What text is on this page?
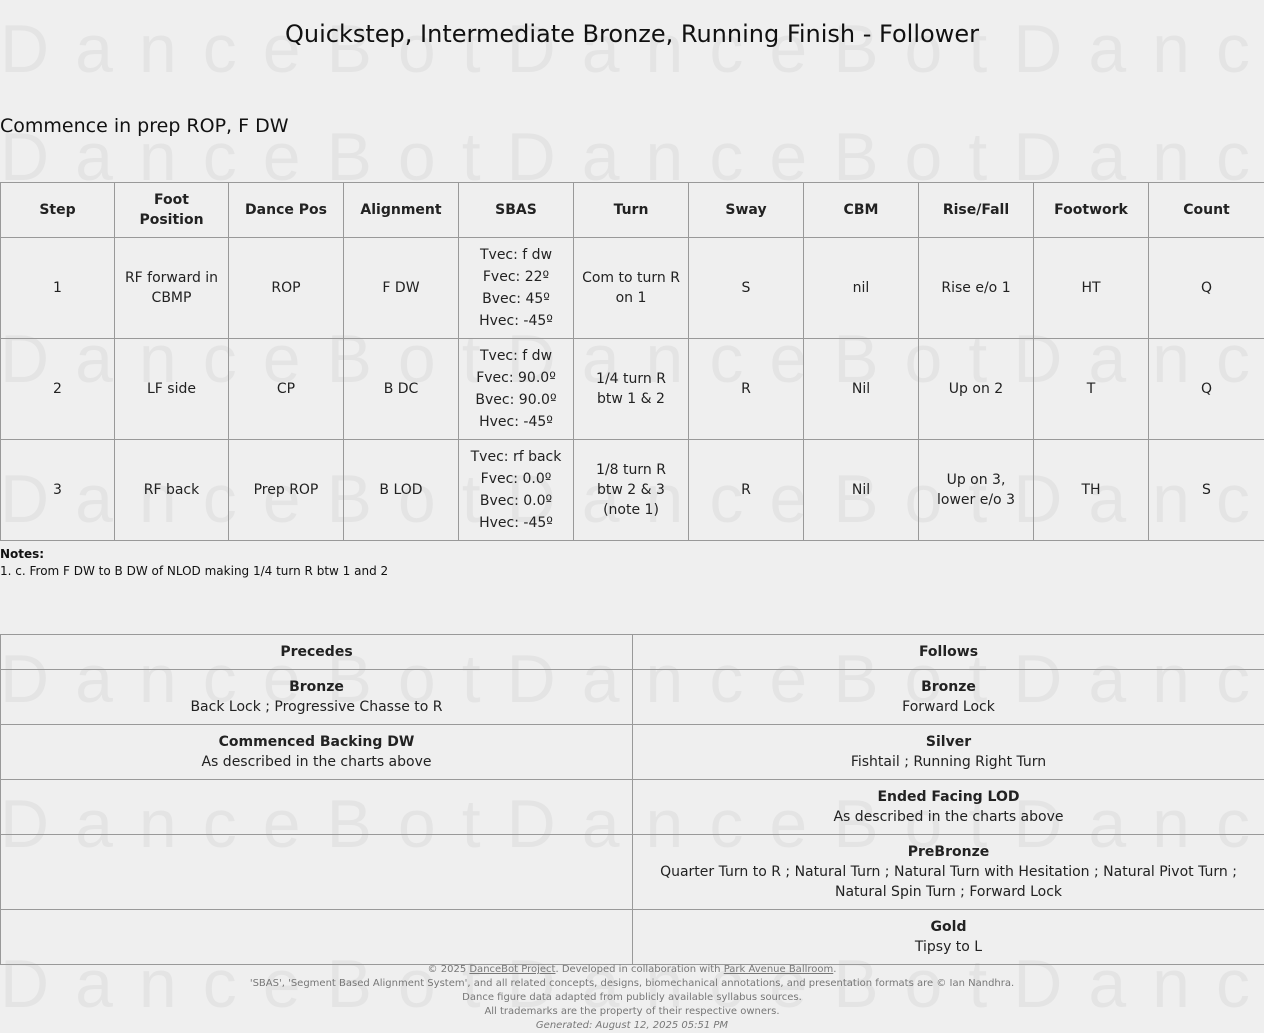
Quickstep, Intermediate Bronze, Running Finish - Follower
Commence in prep ROP, F DW
Step	Foot Position	Dance Pos	Alignment	SBAS	Turn	Sway	CBM	Rise/Fall	Footwork	Count
1	RF forward in CBMP	ROP	F DW	Tvec: f dw
Fvec: 22º
Bvec: 45º
Hvec: -45º	Com to turn R on 1	S	nil	Rise e/o 1	HT	Q
2	LF side	CP	B DC	Tvec: f dw
Fvec: 90.0º
Bvec: 90.0º
Hvec: -45º	1/4 turn R btw 1 & 2	R	Nil	Up on 2	T	Q
3	RF back	Prep ROP	B LOD	Tvec: rf back
Fvec: 0.0º
Bvec: 0.0º
Hvec: -45º	1/8 turn R btw 2 & 3 (note 1)	R	Nil	Up on 3, lower e/o 3	TH	S
Notes:
1. c. From F DW to B DW of NLOD making 1/4 turn R btw 1 and 2
Precedes	Follows

Bronze
Back Lock ; Progressive Chasse to R	Bronze
Forward Lock

Commenced Backing DW
As described in the charts above	Silver
Fishtail ; Running Right Turn

	Ended Facing LOD
As described in the charts above

	PreBronze
Quarter Turn to R ; Natural Turn ; Natural Turn with Hesitation ; Natural Pivot Turn ; Natural Spin Turn ; Forward Lock

	Gold
Tipsy to L
© 2025 DanceBot Project. Developed in collaboration with Park Avenue Ballroom.
'SBAS', 'Segment Based Alignment System', and all related concepts, designs, biomechanical annotations, and presentation formats are © Ian Nandhra.
Dance figure data adapted from publicly available syllabus sources.
All trademarks are the property of their respective owners.
Generated: August 12, 2025 05:51 PM
